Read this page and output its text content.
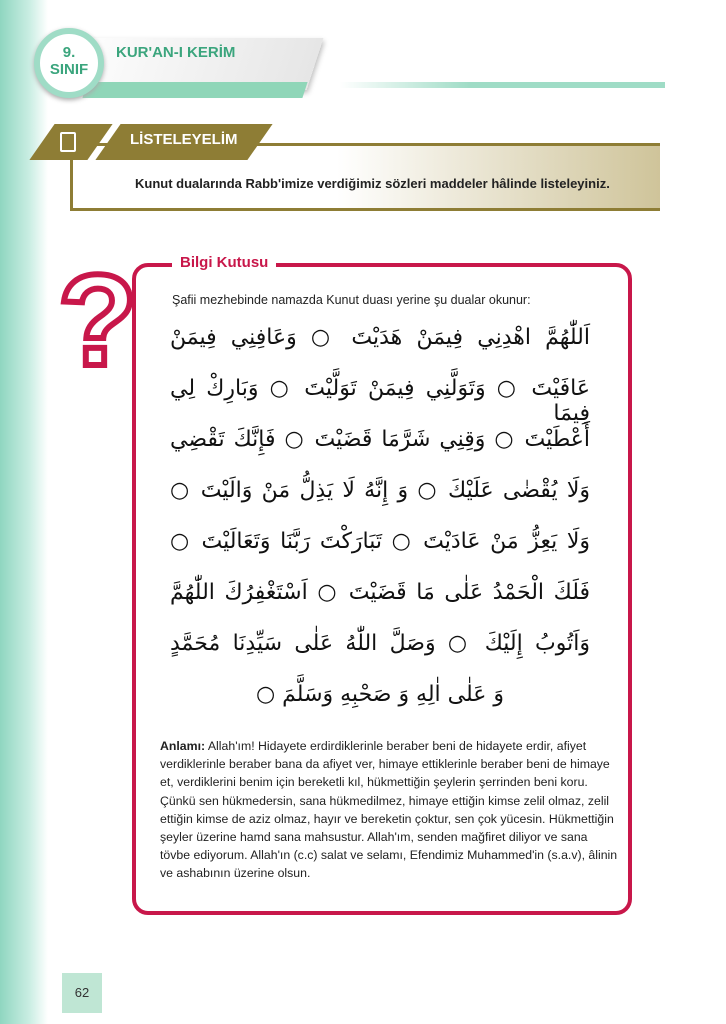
9.
SINIF
KUR'AN-I KERİM

Kunut dualarında Rabb'imize verdiğimiz sözleri maddeler hâlinde listeleyiniz.

LİSTELEYELİM
?	Bilgi Kutusu
Şafii mezhebinde namazda Kunut duası yerine şu dualar okunur:
اَللّٰهُمَّ اهْدِنِي فِيمَنْ هَدَيْتَ ○ وَعَافِنِي فِيمَنْ
عَافَيْتَ ○ وَتَوَلَّنِي فِيمَنْ تَوَلَّيْتَ ○ وَبَارِكْ لِي فِيمَا
أَعْطَيْتَ ○ وَقِنِي شَرَّمَا قَضَيْتَ ○ فَإِنَّكَ تَقْضِي
وَلَا يُقْضٰى عَلَيْكَ ○ وَ إِنَّهُ لَا يَذِلُّ مَنْ وَالَيْتَ ○
وَلَا يَعِزُّ مَنْ عَادَيْتَ ○ تَبَارَكْتَ رَبَّنَا وَتَعَالَيْتَ ○
فَلَكَ الْحَمْدُ عَلٰى مَا قَضَيْتَ ○ اَسْتَغْفِرُكَ اللّٰهُمَّ
وَاَتُوبُ إِلَيْكَ ○ وَصَلَّ اللّٰهُ عَلٰى سَيِّدِنَا مُحَمَّدٍ
وَ عَلٰى اٰلِهِ وَ صَحْبِهِ وَسَلَّمَ ○
Anlamı: Allah'ım! Hidayete erdirdiklerinle beraber beni de hidayete erdir, afiyet verdiklerinle beraber bana da afiyet ver, himaye ettiklerinle beraber beni de himaye et, verdiklerini benim için bereketli kıl, hükmettiğin şeylerin şerrinden beni koru. Çünkü sen hükmedersin, sana hükmedilmez, himaye ettiğin kimse zelil olmaz, zelil ettiğin kimse de aziz olmaz, hayır ve bereketin çoktur, sen çok yücesin. Hükmettiğin şeyler üzerine hamd sana mahsustur. Allah'ım, senden mağfiret diliyor ve sana tövbe ediyorum. Allah'ın (c.c) salat ve selamı, Efendimiz Muhammed'in (s.a.v), âlinin ve ashabının üzerine olsun.
62
